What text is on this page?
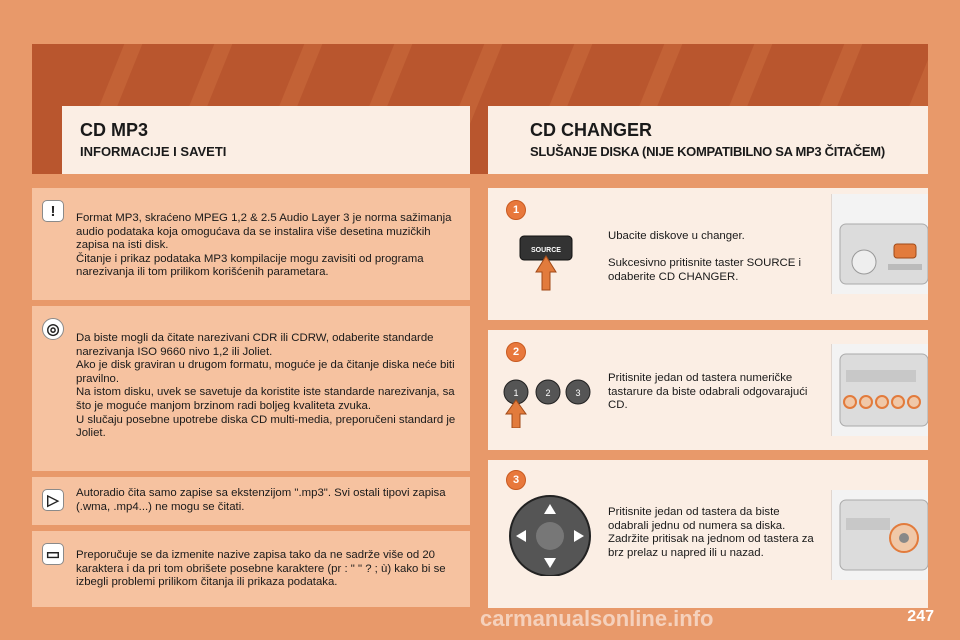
CD MP3
INFORMACIJE I SAVETI
CD CHANGER
SLUŠANJE DISKA (NIJE KOMPATIBILNO SA MP3 ČITAČEM)
!	Format MP3, skraćeno MPEG 1,2 & 2.5 Audio Layer 3 je norma sažimanja audio podataka koja omogućava da se instalira više desetina muzičkih zapisa na isti disk.
Čitanje i prikaz podataka MP3 kompilacije mogu zavisiti od programa narezivanja ili tom prilikom korišćenih parametara.

◎	Da biste mogli da čitate narezivani CDR ili CDRW, odaberite standarde narezivanja ISO 9660 nivo 1,2 ili Joliet.
Ako je disk graviran u drugom formatu, moguće je da čitanje diska neće biti pravilno.
Na istom disku, uvek se savetuje da koristite iste standarde narezivanja, sa što je moguće manjom brzinom radi boljeg kvaliteta zvuka.
U slučaju posebne upotrebe diska CD multi-media, preporučeni standard je Joliet.

▷	Autoradio čita samo zapise sa ekstenzijom ".mp3". Svi ostali tipovi zapisa (.wma, .mp4...) ne mogu se čitati.

▭	Preporučuje se da izmenite nazive zapisa tako da ne sadrže više od 20 karaktera i da pri tom obrišete posebne karaktere (pr : " " ? ; ù) kako bi se izbegli problemi prilikom čitanja ili prikaza podataka.

1
SOURCE

Ubacite diskove u changer.

Sukcesivno pritisnite taster SOURCE i odaberite CD CHANGER.

2
1	2	3

Pritisnite jedan od tastera numeričke tastarure da biste odabrali odgovarajući CD.

3

Pritisnite jedan od tastera da biste odabrali jednu od numera sa diska. Zadržite pritisak na jednom od tastera za brz prelaz u napred ili u nazad.

247
carmanualsonline.info
